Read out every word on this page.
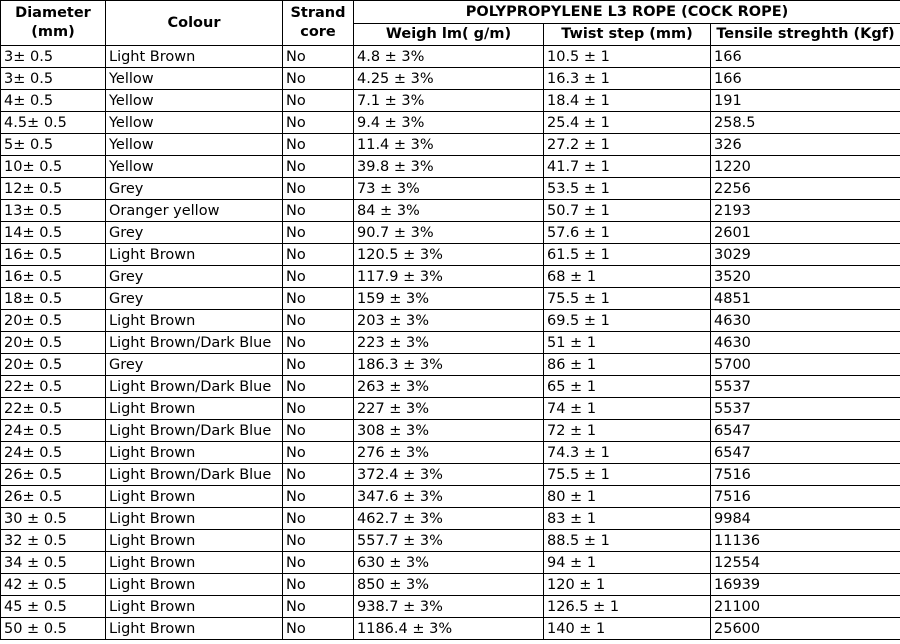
Diameter (mm)	Colour	Strand core	POLYPROPYLENE L3 ROPE (COCK ROPE)		
			Weigh lm( g/m)	Twist step (mm)	Tensile streghth (Kgf)
3± 0.5	Light Brown	No	4.8 ± 3%	10.5 ± 1	166
3± 0.5	Yellow	No	4.25 ± 3%	16.3 ± 1	166
4± 0.5	Yellow	No	7.1 ± 3%	18.4 ± 1	191
4.5± 0.5	Yellow	No	9.4 ± 3%	25.4 ± 1	258.5
5± 0.5	Yellow	No	11.4 ± 3%	27.2 ± 1	326
10± 0.5	Yellow	No	39.8 ± 3%	41.7 ± 1	1220
12± 0.5	Grey	No	73 ± 3%	53.5 ± 1	2256
13± 0.5	Oranger yellow	No	84 ± 3%	50.7 ± 1	2193
14± 0.5	Grey	No	90.7 ± 3%	57.6 ± 1	2601
16± 0.5	Light Brown	No	120.5 ± 3%	61.5 ± 1	3029
16± 0.5	Grey	No	117.9 ± 3%	68 ± 1	3520
18± 0.5	Grey	No	159 ± 3%	75.5 ± 1	4851
20± 0.5	Light Brown	No	203 ± 3%	69.5 ± 1	4630
20± 0.5	Light Brown/Dark Blue	No	223 ± 3%	51 ± 1	4630
20± 0.5	Grey	No	186.3 ± 3%	86 ± 1	5700
22± 0.5	Light Brown/Dark Blue	No	263 ± 3%	65 ± 1	5537
22± 0.5	Light Brown	No	227 ± 3%	74 ± 1	5537
24± 0.5	Light Brown/Dark Blue	No	308 ± 3%	72 ± 1	6547
24± 0.5	Light Brown	No	276 ± 3%	74.3 ± 1	6547
26± 0.5	Light Brown/Dark Blue	No	372.4 ± 3%	75.5 ± 1	7516
26± 0.5	Light Brown	No	347.6 ± 3%	80 ± 1	7516
30 ± 0.5	Light Brown	No	462.7 ± 3%	83 ± 1	9984
32 ± 0.5	Light Brown	No	557.7 ± 3%	88.5 ± 1	11136
34 ± 0.5	Light Brown	No	630 ± 3%	94 ± 1	12554
42 ± 0.5	Light Brown	No	850 ± 3%	120 ± 1	16939
45 ± 0.5	Light Brown	No	938.7 ± 3%	126.5 ± 1	21100
50 ± 0.5	Light Brown	No	1186.4 ± 3%	140 ± 1	25600
